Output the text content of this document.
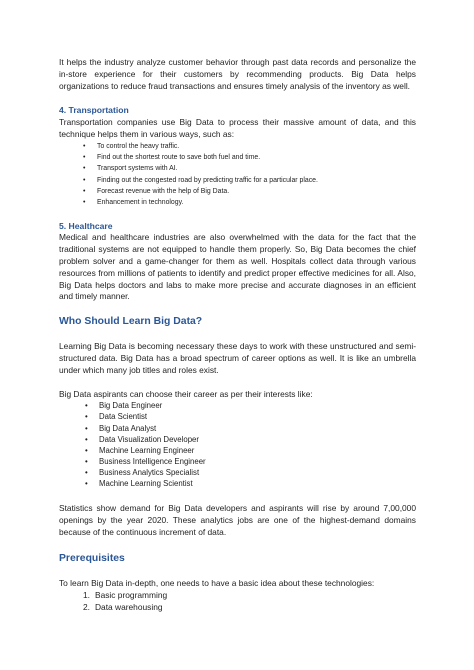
It helps the industry analyze customer behavior through past data records and personalize the in-store experience for their customers by recommending products. Big Data helps organizations to reduce fraud transactions and ensures timely analysis of the inventory as well.

4. Transportation

Transportation companies use Big Data to process their massive amount of data, and this technique helps them in various ways, such as:

• To control the heavy traffic.
• Find out the shortest route to save both fuel and time.
• Transport systems with AI.
• Finding out the congested road by predicting traffic for a particular place.
• Forecast revenue with the help of Big Data.
• Enhancement in technology.
5. Healthcare

Medical and healthcare industries are also overwhelmed with the data for the fact that the traditional systems are not equipped to handle them properly. So, Big Data becomes the chief problem solver and a game-changer for them as well. Hospitals collect data through various resources from millions of patients to identify and predict proper effective medicines for all. Also, Big Data helps doctors and labs to make more precise and accurate diagnoses in an efficient and timely manner.

Who Should Learn Big Data?

Learning Big Data is becoming necessary these days to work with these unstructured and semi-structured data. Big Data has a broad spectrum of career options as well. It is like an umbrella under which many job titles and roles exist.

Big Data aspirants can choose their career as per their interests like:

• Big Data Engineer
• Data Scientist
• Big Data Analyst
• Data Visualization Developer
• Machine Learning Engineer
• Business Intelligence Engineer
• Business Analytics Specialist
• Machine Learning Scientist

Statistics show demand for Big Data developers and aspirants will rise by around 7,00,000 openings by the year 2020. These analytics jobs are one of the highest-demand domains because of the continuous increment of data.

Prerequisites

To learn Big Data in-depth, one needs to have a basic idea about these technologies:

1. Basic programming
2. Data warehousing
